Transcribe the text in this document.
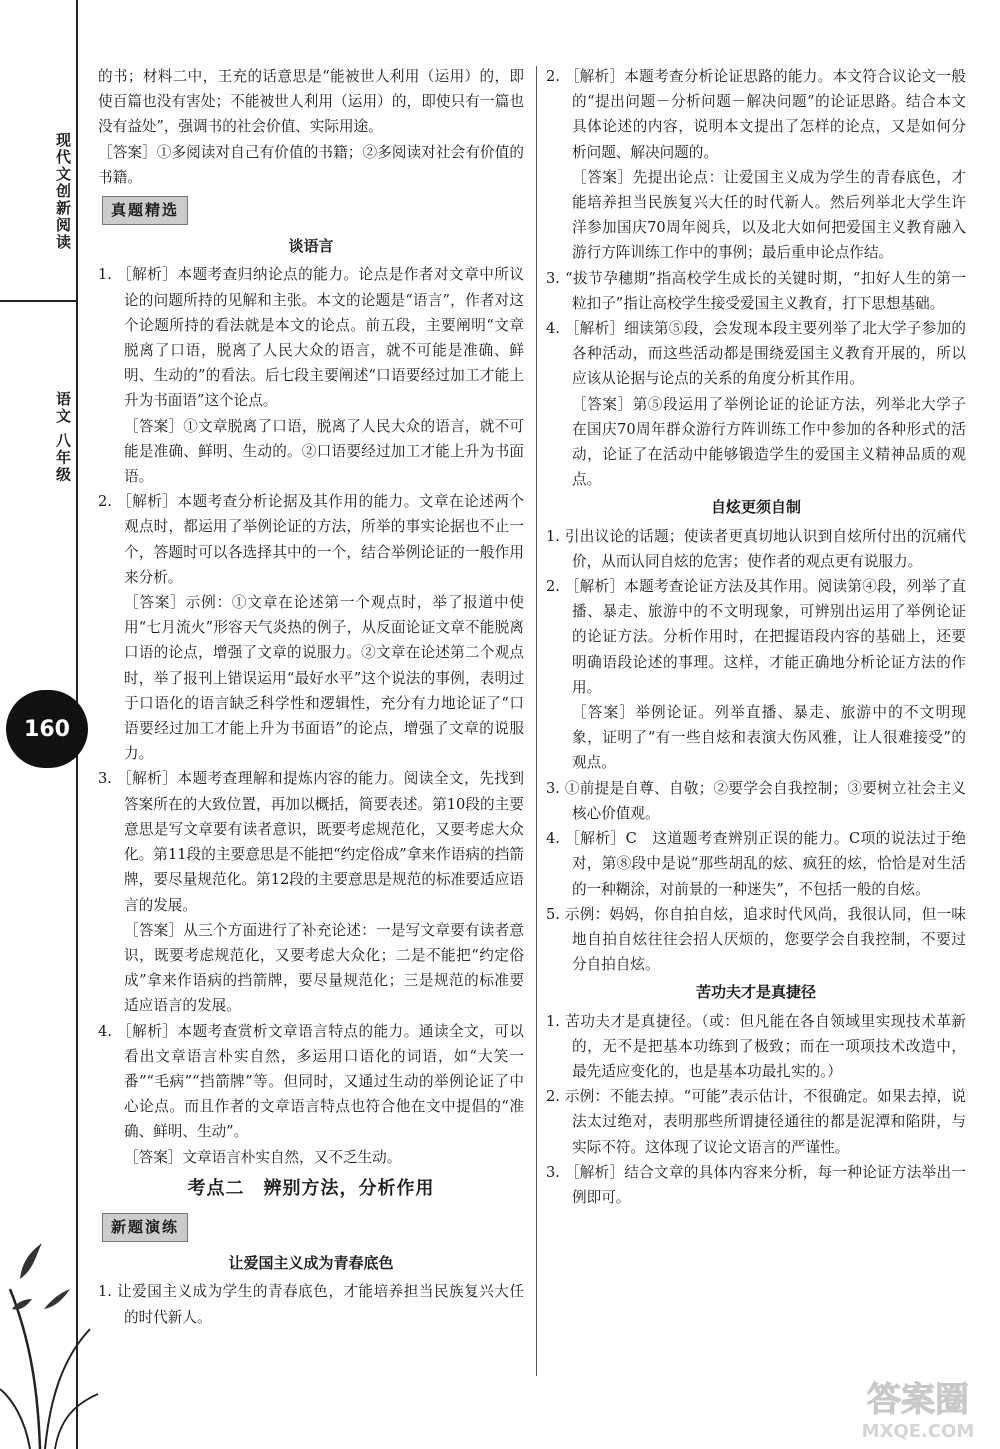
现代文创新阅读
语文 八年级
160

的书；材料二中，王充的话意思是“能被世人利用（运用）的，即使百篇也没有害处；不能被世人利用（运用）的，即使只有一篇也没有益处”，强调书的社会价值、实际用途。

［答案］①多阅读对自己有价值的书籍；②多阅读对社会有价值的书籍。

真题精选
谈语言

1. ［解析］本题考查归纳论点的能力。论点是作者对文章中所议论的问题所持的见解和主张。本文的论题是“语言”，作者对这个论题所持的看法就是本文的论点。前五段，主要阐明“文章脱离了口语，脱离了人民大众的语言，就不可能是准确、鲜明、生动的”的看法。后七段主要阐述“口语要经过加工才能上升为书面语”这个论点。

［答案］①文章脱离了口语，脱离了人民大众的语言，就不可能是准确、鲜明、生动的。②口语要经过加工才能上升为书面语。

2. ［解析］本题考查分析论据及其作用的能力。文章在论述两个观点时，都运用了举例论证的方法，所举的事实论据也不止一个，答题时可以各选择其中的一个，结合举例论证的一般作用来分析。

［答案］示例：①文章在论述第一个观点时，举了报道中使用“七月流火”形容天气炎热的例子，从反面论证文章不能脱离口语的论点，增强了文章的说服力。②文章在论述第二个观点时，举了报刊上错误运用“最好水平”这个说法的事例，表明过于口语化的语言缺乏科学性和逻辑性，充分有力地论证了“口语要经过加工才能上升为书面语”的论点，增强了文章的说服力。

3. ［解析］本题考查理解和提炼内容的能力。阅读全文，先找到答案所在的大致位置，再加以概括，简要表述。第10段的主要意思是写文章要有读者意识，既要考虑规范化，又要考虑大众化。第11段的主要意思是不能把“约定俗成”拿来作语病的挡箭牌，要尽量规范化。第12段的主要意思是规范的标准要适应语言的发展。

［答案］从三个方面进行了补充论述：一是写文章要有读者意识，既要考虑规范化，又要考虑大众化；二是不能把“约定俗成”拿来作语病的挡箭牌，要尽量规范化；三是规范的标准要适应语言的发展。

4. ［解析］本题考查赏析文章语言特点的能力。通读全文，可以看出文章语言朴实自然，多运用口语化的词语，如“大笑一番”“毛病”“挡箭牌”等。但同时，又通过生动的举例论证了中心论点。而且作者的文章语言特点也符合他在文中提倡的“准确、鲜明、生动”。

［答案］文章语言朴实自然，又不乏生动。

考点二　辨别方法，分析作用
新题演练
让爱国主义成为青春底色

1. 让爱国主义成为学生的青春底色，才能培养担当民族复兴大任的时代新人。

2. ［解析］本题考查分析论证思路的能力。本文符合议论文一般的“提出问题－分析问题－解决问题”的论证思路。结合本文具体论述的内容，说明本文提出了怎样的论点，又是如何分析问题、解决问题的。

［答案］先提出论点：让爱国主义成为学生的青春底色，才能培养担当民族复兴大任的时代新人。然后列举北大学生许洋参加国庆70周年阅兵，以及北大如何把爱国主义教育融入游行方阵训练工作中的事例；最后重申论点作结。

3. “拔节孕穗期”指高校学生成长的关键时期，“扣好人生的第一粒扣子”指让高校学生接受爱国主义教育，打下思想基础。

4. ［解析］细读第⑤段，会发现本段主要列举了北大学子参加的各种活动，而这些活动都是围绕爱国主义教育开展的，所以应该从论据与论点的关系的角度分析其作用。

［答案］第⑤段运用了举例论证的论证方法，列举北大学子在国庆70周年群众游行方阵训练工作中参加的各种形式的活动，论证了在活动中能够锻造学生的爱国主义精神品质的观点。

自炫更须自制

1. 引出议论的话题；使读者更真切地认识到自炫所付出的沉痛代价，从而认同自炫的危害；使作者的观点更有说服力。

2. ［解析］本题考查论证方法及其作用。阅读第④段，列举了直播、暴走、旅游中的不文明现象，可辨别出运用了举例论证的论证方法。分析作用时，在把握语段内容的基础上，还要明确语段论述的事理。这样，才能正确地分析论证方法的作用。

［答案］举例论证。列举直播、暴走、旅游中的不文明现象，证明了“有一些自炫和表演大伤风雅，让人很难接受”的观点。

3. ①前提是自尊、自敬；②要学会自我控制；③要树立社会主义核心价值观。

4. ［解析］C　这道题考查辨别正误的能力。C项的说法过于绝对，第⑧段中是说“那些胡乱的炫、疯狂的炫，恰恰是对生活的一种糊涂，对前景的一种迷失”，不包括一般的自炫。

5. 示例：妈妈，你自拍自炫，追求时代风尚，我很认同，但一味地自拍自炫往往会招人厌烦的，您要学会自我控制，不要过分自拍自炫。

苦功夫才是真捷径

1. 苦功夫才是真捷径。（或：但凡能在各自领域里实现技术革新的，无不是把基本功练到了极致；而在一项项技术改造中，最先适应变化的，也是基本功最扎实的。）

2. 示例：不能去掉。“可能”表示估计，不很确定。如果去掉，说法太过绝对，表明那些所谓捷径通往的都是泥潭和陷阱，与实际不符。这体现了议论文语言的严谨性。

3. ［解析］结合文章的具体内容来分析，每一种论证方法举出一例即可。

答案圈
MXQE.COM
